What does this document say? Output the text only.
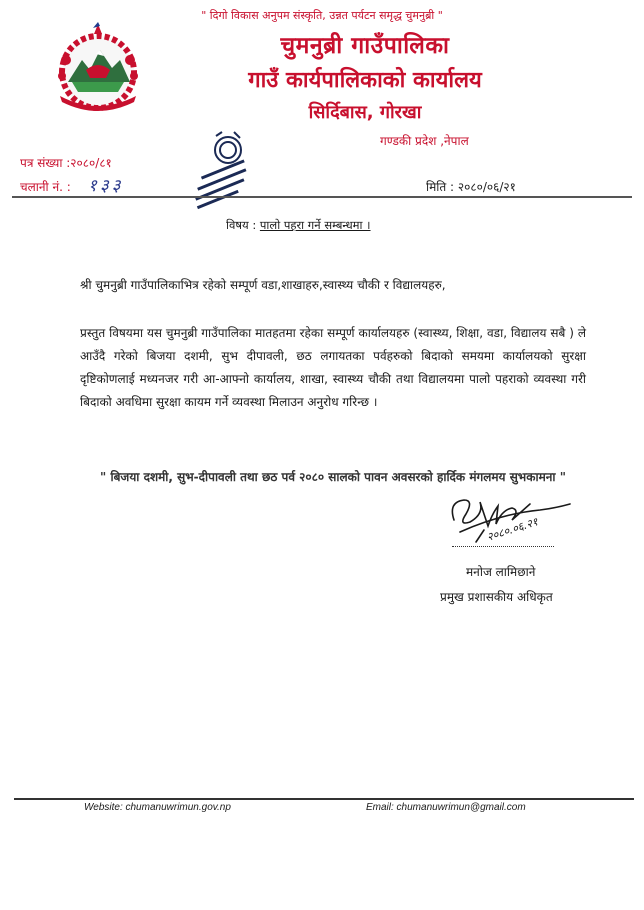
" दिगो विकास अनुपम संस्कृति, उन्नत पर्यटन समृद्ध चुमनुब्री "
चुमनुब्री गाउँपालिका
गाउँ कार्यपालिकाको कार्यालय
सिर्दिबास, गोरखा
गण्डकी प्रदेश ,नेपाल
पत्र संख्या :२०८०/८१
चलानी नं. : १३३	मिति : २०८०/०६/२१
विषय : पालो पहरा गर्ने सम्बन्धमा ।
श्री चुमनुब्री गाउँपालिकाभित्र रहेको सम्पूर्ण वडा,शाखाहरु,स्वास्थ्य चौकी र विद्यालयहरु,
प्रस्तुत विषयमा यस चुमनुब्री गाउँपालिका मातहतमा रहेका सम्पूर्ण कार्यालयहरु (स्वास्थ्य, शिक्षा, वडा, विद्यालय सबै ) ले आउँदै गरेको बिजया दशमी, सुभ दीपावली, छठ लगायतका पर्वहरुको बिदाको समयमा कार्यालयको सुरक्षा दृष्टिकोणलाई मध्यनजर गरी आ-आफ्नो कार्यालय, शाखा, स्वास्थ्य चौकी तथा विद्यालयमा पालो पहराको व्यवस्था गरी बिदाको अवधिमा सुरक्षा कायम गर्ने व्यवस्था मिलाउन अनुरोध गरिन्छ ।
" बिजया दशमी, सुभ-दीपावली तथा छठ पर्व २०८० सालको पावन अवसरको हार्दिक मंगलमय सुभकामना "
२०८०.०६.२१
मनोज लामिछाने
प्रमुख प्रशासकीय अधिकृत
Website: chumanuwrimun.gov.np	Email: chumanuwrimun@gmail.com
